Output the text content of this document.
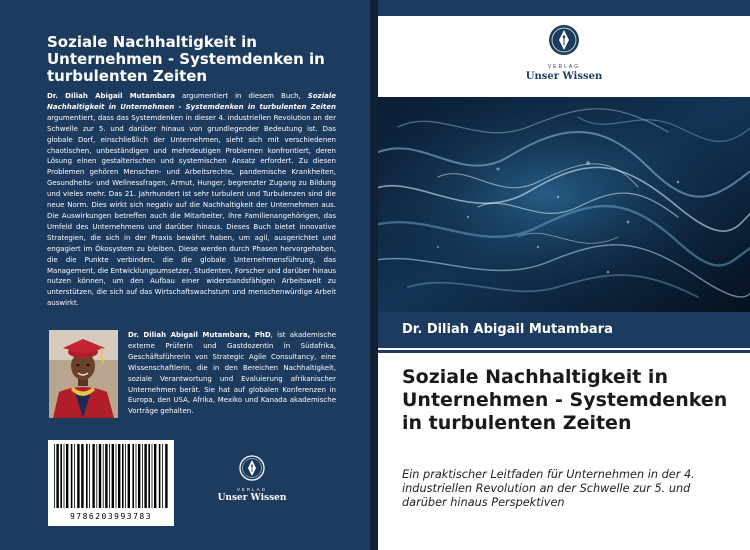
Soziale Nachhaltigkeit in Unternehmen - Systemdenken in turbulenten Zeiten

Dr. Diliah Abigail Mutambara argumentiert in diesem Buch, Soziale Nachhaltigkeit in Unternehmen - Systemdenken in turbulenten Zeiten argumentiert, dass das Systemdenken in dieser 4. industriellen Revolution an der Schwelle zur 5. und darüber hinaus von grundlegender Bedeutung ist. Das globale Dorf, einschließlich der Unternehmen, sieht sich mit verschiedenen chaotischen, unbeständigen und mehrdeutigen Problemen konfrontiert, deren Lösung einen gestalterischen und systemischen Ansatz erfordert. Zu diesen Problemen gehören Menschen- und Arbeitsrechte, pandemische Krankheiten, Gesundheits- und Wellnessfragen, Armut, Hunger, begrenzter Zugang zu Bildung und vieles mehr. Das 21. Jahrhundert ist sehr turbulent und Turbulenzen sind die neue Norm. Dies wirkt sich negativ auf die Nachhaltigkeit der Unternehmen aus. Die Auswirkungen betreffen auch die Mitarbeiter, ihre Familienangehörigen, das Umfeld des Unternehmens und darüber hinaus. Dieses Buch bietet innovative Strategien, die sich in der Praxis bewährt haben, um agil, ausgerichtet und engagiert im Ökosystem zu bleiben. Diese werden durch Phasen hervorgehoben, die die Punkte verbinden, die die globale Unternehmensführung, das Management, die Entwicklungsumsetzer, Studenten, Forscher und darüber hinaus nutzen können, um den Aufbau einer widerstandsfähigen Arbeitswelt zu unterstützen, die sich auf das Wirtschaftswachstum und menschenwürdige Arbeit auswirkt.

Dr. Diliah Abigail Mutambara, PhD, ist akademische externe Prüferin und Gastdozentin in Südafrika, Geschäftsführerin von Strategic Agile Consultancy, eine Wissenschaftlerin, die in den Bereichen Nachhaltigkeit, soziale Verantwortung und Evaluierung afrikanischer Unternehmen berät. Sie hat auf globalen Konferenzen in Europa, den USA, Afrika, Mexiko und Kanada akademische Vorträge gehalten.

9786203993783
VERLAG
Unser Wissen
VERLAG
Unser Wissen

Dr. Diliah Abigail Mutambara

Soziale Nachhaltigkeit in Unternehmen - Systemdenken in turbulenten Zeiten

Ein praktischer Leitfaden für Unternehmen in der 4. industriellen Revolution an der Schwelle zur 5. und darüber hinaus Perspektiven
